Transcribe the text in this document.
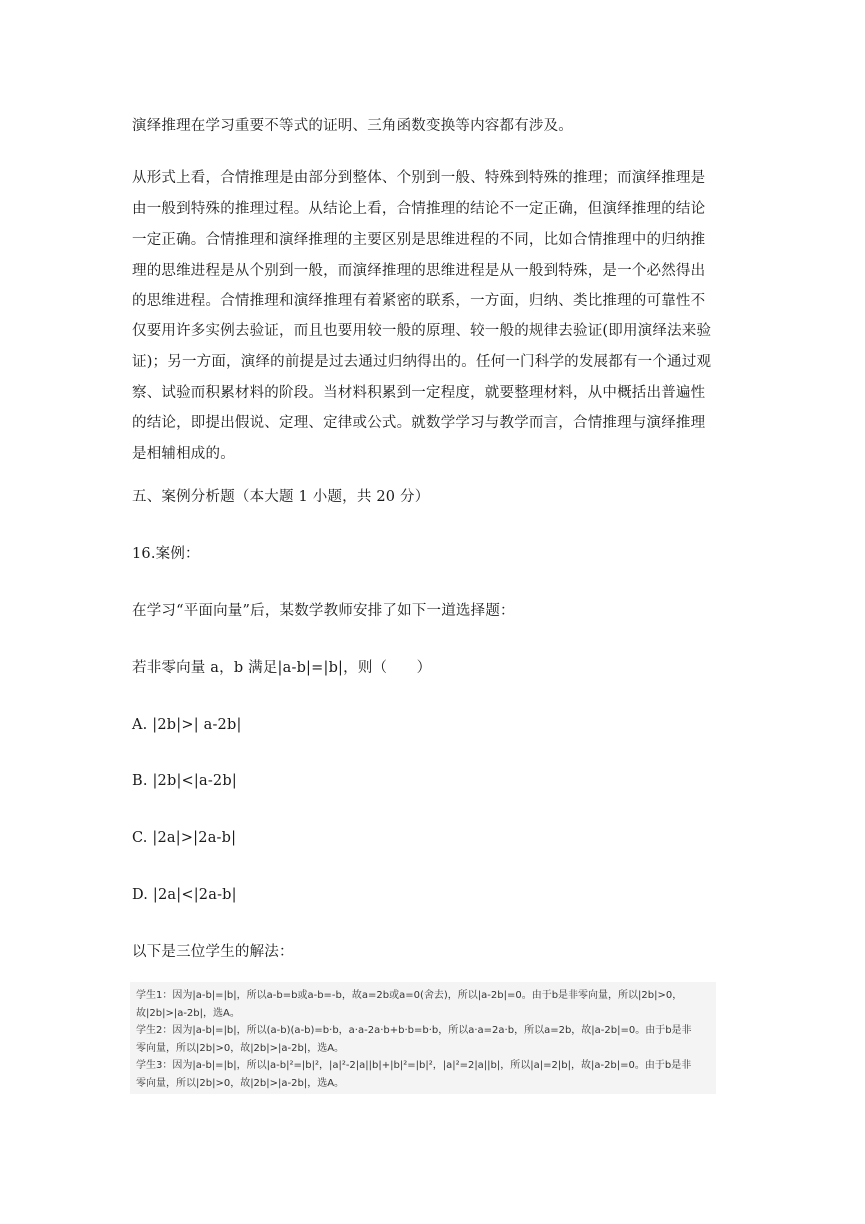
演绎推理在学习重要不等式的证明、三角函数变换等内容都有涉及。
从形式上看，合情推理是由部分到整体、个别到一般、特殊到特殊的推理；而演绎推理是
由一般到特殊的推理过程。从结论上看，合情推理的结论不一定正确，但演绎推理的结论
一定正确。合情推理和演绎推理的主要区别是思维进程的不同，比如合情推理中的归纳推
理的思维进程是从个别到一般，而演绎推理的思维进程是从一般到特殊，是一个必然得出
的思维进程。合情推理和演绎推理有着紧密的联系，一方面，归纳、类比推理的可靠性不
仅要用许多实例去验证，而且也要用较一般的原理、较一般的规律去验证(即用演绎法来验
证)；另一方面，演绎的前提是过去通过归纳得出的。任何一门科学的发展都有一个通过观
察、试验而积累材料的阶段。当材料积累到一定程度，就要整理材料，从中概括出普遍性
的结论，即提出假说、定理、定律或公式。就数学学习与教学而言，合情推理与演绎推理
是相辅相成的。
五、案例分析题（本大题 1 小题，共 20 分）
16.案例：
在学习“平面向量”后，某数学教师安排了如下一道选择题：
若非零向量 a，b 满足|a-b|=|b|，则（　　）
A. |2b|>| a-2b|
B. |2b|<|a-2b|
C. |2a|>|2a-b|
D. |2a|<|2a-b|
以下是三位学生的解法：
学生1：因为|a-b|=|b|，所以a-b=b或a-b=-b，故a=2b或a=0(舍去)，所以|a-2b|=0。由于b是非零向量，所以|2b|>0，
故|2b|>|a-2b|，选A。
学生2：因为|a-b|=|b|，所以(a-b)(a-b)=b·b，a·a-2a·b+b·b=b·b，所以a·a=2a·b，所以a=2b，故|a-2b|=0。由于b是非
零向量，所以|2b|>0，故|2b|>|a-2b|，选A。
学生3：因为|a-b|=|b|，所以|a-b|²=|b|²，|a|²-2|a||b|+|b|²=|b|²，|a|²=2|a||b|，所以|a|=2|b|，故|a-2b|=0。由于b是非
零向量，所以|2b|>0，故|2b|>|a-2b|，选A。
